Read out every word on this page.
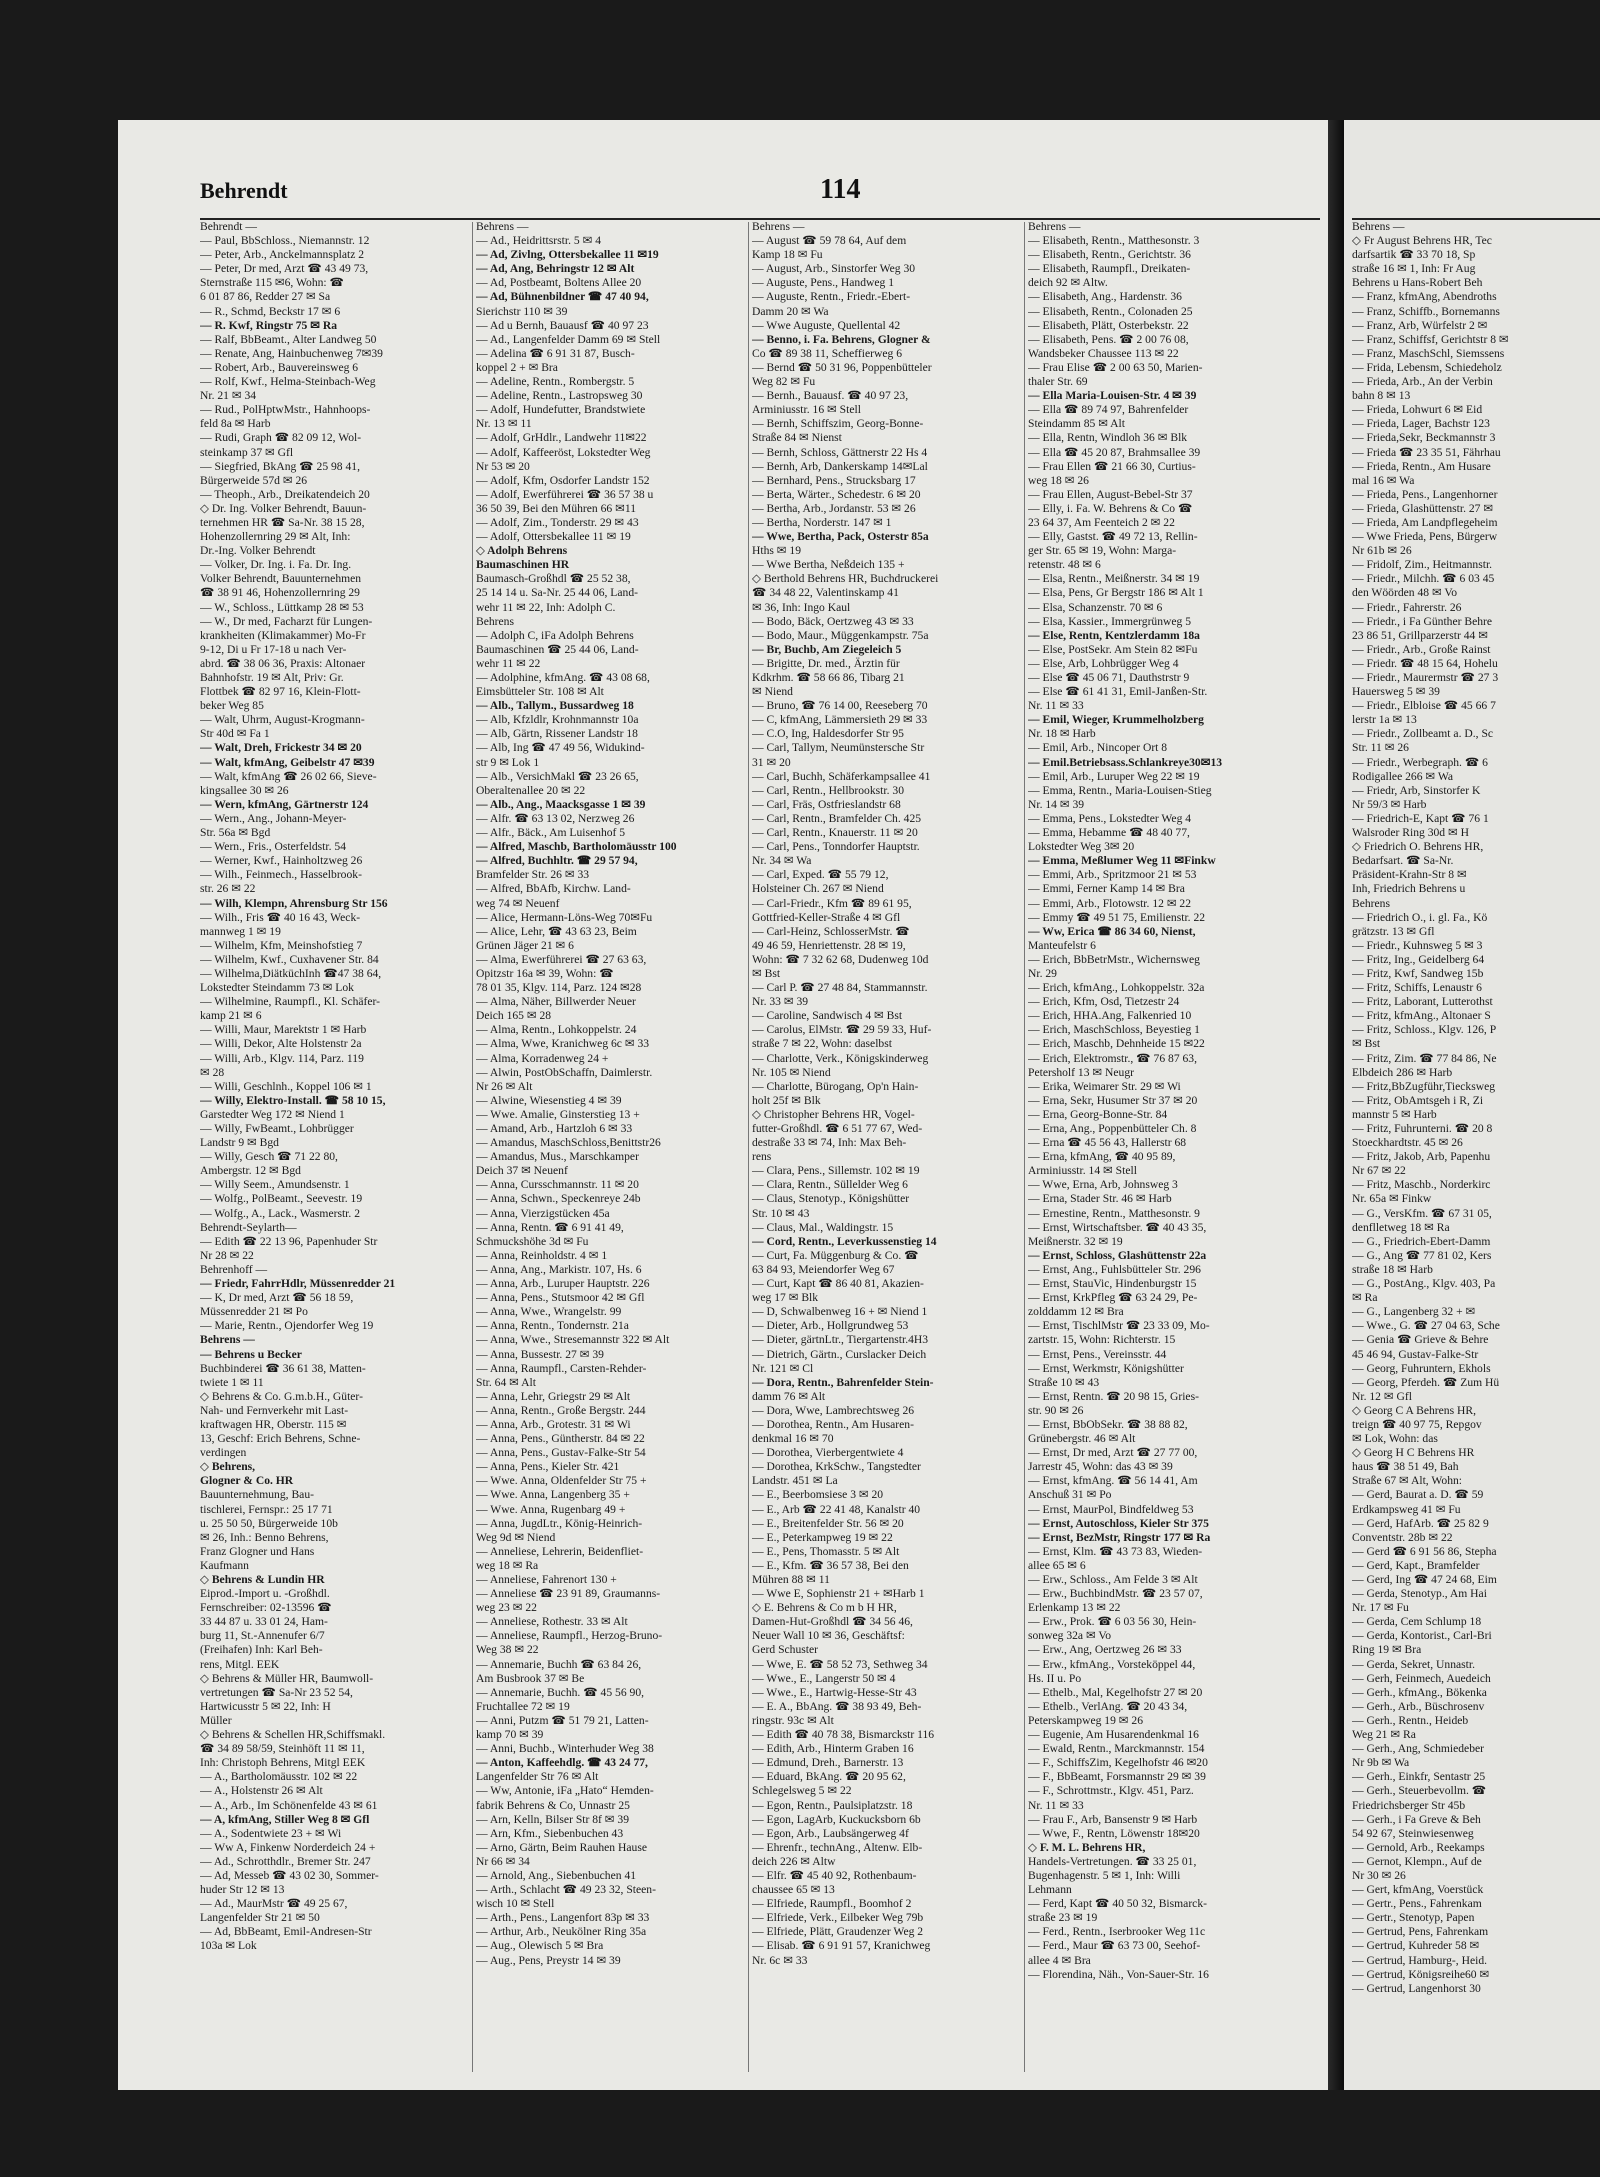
Behrendt	114
Behrendt —
— Paul, BbSchloss., Niemannstr. 12
— Peter, Arb., Anckelmannsplatz 2
— Peter, Dr med, Arzt ☎ 43 49 73,
Sternstraße 115 ✉6, Wohn: ☎
6 01 87 86, Redder 27 ✉ Sa
— R., Schmd, Beckstr 17 ✉ 6
— R. Kwf, Ringstr 75 ✉ Ra
— Ralf, BbBeamt., Alter Landweg 50
— Renate, Ang, Hainbuchenweg 7✉39
— Robert, Arb., Bauvereinsweg 6
— Rolf, Kwf., Helma-Steinbach-Weg
Nr. 21 ✉ 34
— Rud., PolHptwMstr., Hahnhoops-
feld 8a ✉ Harb
— Rudi, Graph ☎ 82 09 12, Wol-
steinkamp 37 ✉ Gfl
— Siegfried, BkAng ☎ 25 98 41,
Bürgerweide 57d ✉ 26
— Theoph., Arb., Dreikatendeich 20
◇ Dr. Ing. Volker Behrendt, Bauun-
ternehmen HR ☎ Sa-Nr. 38 15 28,
Hohenzollernring 29 ✉ Alt, Inh:
Dr.-Ing. Volker Behrendt
— Volker, Dr. Ing. i. Fa. Dr. Ing.
Volker Behrendt, Bauunternehmen
☎ 38 91 46, Hohenzollernring 29
— W., Schloss., Lüttkamp 28 ✉ 53
— W., Dr med, Facharzt für Lungen-
krankheiten (Klimakammer) Mo-Fr
9-12, Di u Fr 17-18 u nach Ver-
abrd. ☎ 38 06 36, Praxis: Altonaer
Bahnhofstr. 19 ✉ Alt, Priv: Gr.
Flottbek ☎ 82 97 16, Klein-Flott-
beker Weg 85
— Walt, Uhrm, August-Krogmann-
Str 40d ✉ Fa 1
— Walt, Dreh, Frickestr 34 ✉ 20
— Walt, kfmAng, Geibelstr 47 ✉39
— Walt, kfmAng ☎ 26 02 66, Sieve-
kingsallee 30 ✉ 26
— Wern, kfmAng, Gärtnerstr 124
— Wern., Ang., Johann-Meyer-
Str. 56a ✉ Bgd
— Wern., Fris., Osterfeldstr. 54
— Werner, Kwf., Hainholtzweg 26
— Wilh., Feinmech., Hasselbrook-
str. 26 ✉ 22
— Wilh, Klempn, Ahrensburg Str 156
— Wilh., Fris ☎ 40 16 43, Weck-
mannweg 1 ✉ 19
— Wilhelm, Kfm, Meinshofstieg 7
— Wilhelm, Kwf., Cuxhavener Str. 84
— Wilhelma,DiätküchInh ☎47 38 64,
Lokstedter Steindamm 73 ✉ Lok
— Wilhelmine, Raumpfl., Kl. Schäfer-
kamp 21 ✉ 6
— Willi, Maur, Marektstr 1 ✉ Harb
— Willi, Dekor, Alte Holstenstr 2a
— Willi, Arb., Klgv. 114, Parz. 119
✉ 28
— Willi, Geschlnh., Koppel 106 ✉ 1
— Willy, Elektro-Install. ☎ 58 10 15,
Garstedter Weg 172 ✉ Niend 1
— Willy, FwBeamt., Lohbrügger
Landstr 9 ✉ Bgd
— Willy, Gesch ☎ 71 22 80,
Ambergstr. 12 ✉ Bgd
— Willy Seem., Amundsenstr. 1
— Wolfg., PolBeamt., Seevestr. 19
— Wolfg., A., Lack., Wasmerstr. 2
Behrendt-Seylarth—
— Edith ☎ 22 13 96, Papenhuder Str
Nr 28 ✉ 22
Behrenhoff —
— Friedr, FahrrHdlr, Müssenredder 21
— K, Dr med, Arzt ☎ 56 18 59,
Müssenredder 21 ✉ Po
— Marie, Rentn., Ojendorfer Weg 19
Behrens —
— Behrens u Becker
Buchbinderei ☎ 36 61 38, Matten-
twiete 1 ✉ 11
◇ Behrens & Co. G.m.b.H., Güter-
Nah- und Fernverkehr mit Last-
kraftwagen HR, Oberstr. 115 ✉
13, Geschf: Erich Behrens, Schne-
verdingen
◇ Behrens,
Glogner & Co. HR
Bauunternehmung, Bau-
tischlerei, Fernspr.: 25 17 71
u. 25 50 50, Bürgerweide 10b
✉ 26, Inh.: Benno Behrens,
Franz Glogner und Hans
Kaufmann
◇ Behrens & Lundin HR
Eiprod.-Import u. -Großhdl.
Fernschreiber: 02-13596 ☎
33 44 87 u. 33 01 24, Ham-
burg 11, St.-Annenufer 6/7
(Freihafen) Inh: Karl Beh-
rens, Mitgl. EEK
◇ Behrens & Müller HR, Baumwoll-
vertretungen ☎ Sa-Nr 23 52 54,
Hartwicusstr 5 ✉ 22, Inh: H
Müller
◇ Behrens & Schellen HR,Schiffsmakl.
☎ 34 89 58/59, Steinhöft 11 ✉ 11,
Inh: Christoph Behrens, Mitgl EEK
— A., Bartholomäusstr. 102 ✉ 22
— A., Holstenstr 26 ✉ Alt
— A., Arb., Im Schönenfelde 43 ✉ 61
— A, kfmAng, Stiller Weg 8 ✉ Gfl
— A., Sodentwiete 23 + ✉ Wi
— Ww A, Finkenw Norderdeich 24 +
— Ad., Schrotthdlr., Bremer Str. 247
— Ad, Messeb ☎ 43 02 30, Sommer-
huder Str 12 ✉ 13
— Ad., MaurMstr ☎ 49 25 67,
Langenfelder Str 21 ✉ 50
— Ad, BbBeamt, Emil-Andresen-Str
103a ✉ Lok
Behrens —
— Ad., Heidrittsrstr. 5 ✉ 4
— Ad, Zivlng, Ottersbekallee 11 ✉19
— Ad, Ang, Behringstr 12 ✉ Alt
— Ad, Postbeamt, Boltens Allee 20
— Ad, Bühnenbildner ☎ 47 40 94,
Sierichstr 110 ✉ 39
— Ad u Bernh, Bauausf ☎ 40 97 23
— Ad., Langenfelder Damm 69 ✉ Stell
— Adelina ☎ 6 91 31 87, Busch-
koppel 2 + ✉ Bra
— Adeline, Rentn., Rombergstr. 5
— Adeline, Rentn., Lastropsweg 30
— Adolf, Hundefutter, Brandstwiete
Nr. 13 ✉ 11
— Adolf, GrHdlr., Landwehr 11✉22
— Adolf, Kaffeeröst, Lokstedter Weg
Nr 53 ✉ 20
— Adolf, Kfm, Osdorfer Landstr 152
— Adolf, Ewerführerei ☎ 36 57 38 u
36 50 39, Bei den Mühren 66 ✉11
— Adolf, Zim., Tonderstr. 29 ✉ 43
— Adolf, Ottersbekallee 11 ✉ 19
◇ Adolph Behrens
Baumaschinen HR
Baumasch-Großhdl ☎ 25 52 38,
25 14 14 u. Sa-Nr. 25 44 06, Land-
wehr 11 ✉ 22, Inh: Adolph C.
Behrens
— Adolph C, iFa Adolph Behrens
Baumaschinen ☎ 25 44 06, Land-
wehr 11 ✉ 22
— Adolphine, kfmAng. ☎ 43 08 68,
Eimsbütteler Str. 108 ✉ Alt
— Alb., Tallym., Bussardweg 18
— Alb, Kfzldlr, Krohnmannstr 10a
— Alb, Gärtn, Rissener Landstr 18
— Alb, Ing ☎ 47 49 56, Widukind-
str 9 ✉ Lok 1
— Alb., VersichMakl ☎ 23 26 65,
Oberaltenallee 20 ✉ 22
— Alb., Ang., Maacksgasse 1 ✉ 39
— Alfr. ☎ 63 13 02, Nerzweg 26
— Alfr., Bäck., Am Luisenhof 5
— Alfred, Maschb, Bartholomäusstr 100
— Alfred, Buchhltr. ☎ 29 57 94,
Bramfelder Str. 26 ✉ 33
— Alfred, BbAfb, Kirchw. Land-
weg 74 ✉ Neuenf
— Alice, Hermann-Löns-Weg 70✉Fu
— Alice, Lehr, ☎ 43 63 23, Beim
Grünen Jäger 21 ✉ 6
— Alma, Ewerführerei ☎ 27 63 63,
Opitzstr 16a ✉ 39, Wohn: ☎
78 01 35, Klgv. 114, Parz. 124 ✉28
— Alma, Näher, Billwerder Neuer
Deich 165 ✉ 28
— Alma, Rentn., Lohkoppelstr. 24
— Alma, Wwe, Kranichweg 6c ✉ 33
— Alma, Korradenweg 24 +
— Alwin, PostObSchaffn, Daimlerstr.
Nr 26 ✉ Alt
— Alwine, Wiesenstieg 4 ✉ 39
— Wwe. Amalie, Ginsterstieg 13 +
— Amand, Arb., Hartzloh 6 ✉ 33
— Amandus, MaschSchloss,Benittstr26
— Amandus, Mus., Marschkamper
Deich 37 ✉ Neuenf
— Anna, Cursschmannstr. 11 ✉ 20
— Anna, Schwn., Speckenreye 24b
— Anna, Vierzigstücken 45a
— Anna, Rentn. ☎ 6 91 41 49,
Schmuckshöhe 3d ✉ Fu
— Anna, Reinholdstr. 4 ✉ 1
— Anna, Ang., Markistr. 107, Hs. 6
— Anna, Arb., Luruper Hauptstr. 226
— Anna, Pens., Stutsmoor 42 ✉ Gfl
— Anna, Wwe., Wrangelstr. 99
— Anna, Rentn., Tondernstr. 21a
— Anna, Wwe., Stresemannstr 322 ✉ Alt
— Anna, Bussestr. 27 ✉ 39
— Anna, Raumpfl., Carsten-Rehder-
Str. 64 ✉ Alt
— Anna, Lehr, Griegstr 29 ✉ Alt
— Anna, Rentn., Große Bergstr. 244
— Anna, Arb., Grotestr. 31 ✉ Wi
— Anna, Pens., Güntherstr. 84 ✉ 22
— Anna, Pens., Gustav-Falke-Str 54
— Anna, Pens., Kieler Str. 421
— Wwe. Anna, Oldenfelder Str 75 +
— Wwe. Anna, Langenberg 35 +
— Wwe. Anna, Rugenbarg 49 +
— Anna, JugdLtr., König-Heinrich-
Weg 9d ✉ Niend
— Anneliese, Lehrerin, Beidenfliet-
weg 18 ✉ Ra
— Anneliese, Fahrenort 130 +
— Anneliese ☎ 23 91 89, Graumanns-
weg 23 ✉ 22
— Anneliese, Rothestr. 33 ✉ Alt
— Anneliese, Raumpfl., Herzog-Bruno-
Weg 38 ✉ 22
— Annemarie, Buchh ☎ 63 84 26,
Am Busbrook 37 ✉ Be
— Annemarie, Buchh. ☎ 45 56 90,
Fruchtallee 72 ✉ 19
— Anni, Putzm ☎ 51 79 21, Latten-
kamp 70 ✉ 39
— Anni, Buchb., Winterhuder Weg 38
— Anton, Kaffeehdlg. ☎ 43 24 77,
Langenfelder Str 76 ✉ Alt
— Ww, Antonie, iFa „Hato“ Hemden-
fabrik Behrens & Co, Unnastr 25
— Arn, Kelln, Bilser Str 8f ✉ 39
— Arn, Kfm., Siebenbuchen 43
— Arno, Gärtn, Beim Rauhen Hause
Nr 66 ✉ 34
— Arnold, Ang., Siebenbuchen 41
— Arth., Schlacht ☎ 49 23 32, Steen-
wisch 10 ✉ Stell
— Arth., Pens., Langenfort 83p ✉ 33
— Arthur, Arb., Neukölner Ring 35a
— Aug., Olewisch 5 ✉ Bra
— Aug., Pens, Preystr 14 ✉ 39
Behrens —
— August ☎ 59 78 64, Auf dem
Kamp 18 ✉ Fu
— August, Arb., Sinstorfer Weg 30
— Auguste, Pens., Handweg 1
— Auguste, Rentn., Friedr.-Ebert-
Damm 20 ✉ Wa
— Wwe Auguste, Quellental 42
— Benno, i. Fa. Behrens, Glogner &
Co ☎ 89 38 11, Scheffierweg 6
— Bernd ☎ 50 31 96, Poppenbütteler
Weg 82 ✉ Fu
— Bernh., Bauausf. ☎ 40 97 23,
Arminiusstr. 16 ✉ Stell
— Bernh, Schiffszim, Georg-Bonne-
Straße 84 ✉ Nienst
— Bernh, Schloss, Gättnerstr 22 Hs 4
— Bernh, Arb, Dankerskamp 14✉Lal
— Bernhard, Pens., Strucksbarg 17
— Berta, Wärter., Schedestr. 6 ✉ 20
— Bertha, Arb., Jordanstr. 53 ✉ 26
— Bertha, Norderstr. 147 ✉ 1
— Wwe, Bertha, Pack, Osterstr 85a
Hths ✉ 19
— Wwe Bertha, Neßdeich 135 +
◇ Berthold Behrens HR, Buchdruckerei
☎ 34 48 22, Valentinskamp 41
✉ 36, Inh: Ingo Kaul
— Bodo, Bäck, Oertzweg 43 ✉ 33
— Bodo, Maur., Müggenkampstr. 75a
— Br, Buchb, Am Ziegeleich 5
— Brigitte, Dr. med., Ärztin für
Kdkrhm. ☎ 58 66 86, Tibarg 21
✉ Niend
— Bruno, ☎ 76 14 00, Reeseberg 70
— C, kfmAng, Lämmersieth 29 ✉ 33
— C.O, Ing, Haldesdorfer Str 95
— Carl, Tallym, Neumünstersche Str
31 ✉ 20
— Carl, Buchh, Schäferkampsallee 41
— Carl, Rentn., Hellbrookstr. 30
— Carl, Fräs, Ostfrieslandstr 68
— Carl, Rentn., Bramfelder Ch. 425
— Carl, Rentn., Knauerstr. 11 ✉ 20
— Carl, Pens., Tonndorfer Hauptstr.
Nr. 34 ✉ Wa
— Carl, Exped. ☎ 55 79 12,
Holsteiner Ch. 267 ✉ Niend
— Carl-Friedr., Kfm ☎ 89 61 95,
Gottfried-Keller-Straße 4 ✉ Gfl
— Carl-Heinz, SchlosserMstr. ☎
49 46 59, Henriettenstr. 28 ✉ 19,
Wohn: ☎ 7 32 62 68, Dudenweg 10d
✉ Bst
— Carl P. ☎ 27 48 84, Stammannstr.
Nr. 33 ✉ 39
— Caroline, Sandwisch 4 ✉ Bst
— Carolus, ElMstr. ☎ 29 59 33, Huf-
straße 7 ✉ 22, Wohn: daselbst
— Charlotte, Verk., Königskinderweg
Nr. 105 ✉ Niend
— Charlotte, Bürogang, Op'n Hain-
holt 25f ✉ Blk
◇ Christopher Behrens HR, Vogel-
futter-Großhdl. ☎ 6 51 77 67, Wed-
destraße 33 ✉ 74, Inh: Max Beh-
rens
— Clara, Pens., Sillemstr. 102 ✉ 19
— Clara, Rentn., Süllelder Weg 6
— Claus, Stenotyp., Königshütter
Str. 10 ✉ 43
— Claus, Mal., Waldingstr. 15
— Cord, Rentn., Leverkussenstieg 14
— Curt, Fa. Müggenburg & Co. ☎
63 84 93, Meiendorfer Weg 67
— Curt, Kapt ☎ 86 40 81, Akazien-
weg 17 ✉ Blk
— D, Schwalbenweg 16 + ✉ Niend 1
— Dieter, Arb., Hollgrundweg 53
— Dieter, gärtnLtr., Tiergartenstr.4H3
— Dietrich, Gärtn., Curslacker Deich
Nr. 121 ✉ Cl
— Dora, Rentn., Bahrenfelder Stein-
damm 76 ✉ Alt
— Dora, Wwe, Lambrechtsweg 26
— Dorothea, Rentn., Am Husaren-
denkmal 16 ✉ 70
— Dorothea, Vierbergentwiete 4
— Dorothea, KrkSchw., Tangstedter
Landstr. 451 ✉ La
— E., Beerbomsiese 3 ✉ 20
— E., Arb ☎ 22 41 48, Kanalstr 40
— E., Breitenfelder Str. 56 ✉ 20
— E., Peterkampweg 19 ✉ 22
— E., Pens, Thomasstr. 5 ✉ Alt
— E., Kfm. ☎ 36 57 38, Bei den
Mühren 88 ✉ 11
— Wwe E, Sophienstr 21 + ✉Harb 1
◇ E. Behrens & Co m b H HR,
Damen-Hut-Großhdl ☎ 34 56 46,
Neuer Wall 10 ✉ 36, Geschäftsf:
Gerd Schuster
— Wwe, E. ☎ 58 52 73, Sethweg 34
— Wwe., E., Langerstr 50 ✉ 4
— Wwe., E., Hartwig-Hesse-Str 43
— E. A., BbAng. ☎ 38 93 49, Beh-
ringstr. 93c ✉ Alt
— Edith ☎ 40 78 38, Bismarckstr 116
— Edith, Arb., Hinterm Graben 16
— Edmund, Dreh., Barnerstr. 13
— Eduard, BkAng. ☎ 20 95 62,
Schlegelsweg 5 ✉ 22
— Egon, Rentn., Paulsiplatzstr. 18
— Egon, LagArb, Kuckucksborn 6b
— Egon, Arb., Laubsängerweg 4f
— Ehrenfr., technAng., Altenw. Elb-
deich 226 ✉ Altw
— Elfr. ☎ 45 40 92, Rothenbaum-
chaussee 65 ✉ 13
— Elfriede, Raumpfl., Boomhof 2
— Elfriede, Verk., Eilbeker Weg 79b
— Elfriede, Plätt, Graudenzer Weg 2
— Elisab. ☎ 6 91 91 57, Kranichweg
Nr. 6c ✉ 33
Behrens —
— Elisabeth, Rentn., Matthesonstr. 3
— Elisabeth, Rentn., Gerichtstr. 36
— Elisabeth, Raumpfl., Dreikaten-
deich 92 ✉ Altw.
— Elisabeth, Ang., Hardenstr. 36
— Elisabeth, Rentn., Colonaden 25
— Elisabeth, Plätt, Osterbekstr. 22
— Elisabeth, Pens. ☎ 2 00 76 08,
Wandsbeker Chaussee 113 ✉ 22
— Frau Elise ☎ 2 00 63 50, Marien-
thaler Str. 69
— Ella Maria-Louisen-Str. 4 ✉ 39
— Ella ☎ 89 74 97, Bahrenfelder
Steindamm 85 ✉ Alt
— Ella, Rentn, Windloh 36 ✉ Blk
— Ella ☎ 45 20 87, Brahmsallee 39
— Frau Ellen ☎ 21 66 30, Curtius-
weg 18 ✉ 26
— Frau Ellen, August-Bebel-Str 37
— Elly, i. Fa. W. Behrens & Co ☎
23 64 37, Am Feenteich 2 ✉ 22
— Elly, Gastst. ☎ 49 72 13, Rellin-
ger Str. 65 ✉ 19, Wohn: Marga-
retenstr. 48 ✉ 6
— Elsa, Rentn., Meißnerstr. 34 ✉ 19
— Elsa, Pens, Gr Bergstr 186 ✉ Alt 1
— Elsa, Schanzenstr. 70 ✉ 6
— Elsa, Kassier., Immergrünweg 5
— Else, Rentn, Kentzlerdamm 18a
— Else, PostSekr. Am Stein 82 ✉Fu
— Else, Arb, Lohbrügger Weg 4
— Else ☎ 45 06 71, Dauthstrstr 9
— Else ☎ 61 41 31, Emil-Janßen-Str.
Nr. 11 ✉ 33
— Emil, Wieger, Krummelholzberg
Nr. 18 ✉ Harb
— Emil, Arb., Nincoper Ort 8
— Emil.Betriebsass.Schlankreye30✉13
— Emil, Arb., Luruper Weg 22 ✉ 19
— Emma, Rentn., Maria-Louisen-Stieg
Nr. 14 ✉ 39
— Emma, Pens., Lokstedter Weg 4
— Emma, Hebamme ☎ 48 40 77,
Lokstedter Weg 3✉ 20
— Emma, Meßlumer Weg 11 ✉Finkw
— Emmi, Arb., Spritzmoor 21 ✉ 53
— Emmi, Ferner Kamp 14 ✉ Bra
— Emmi, Arb., Flotowstr. 12 ✉ 22
— Emmy ☎ 49 51 75, Emilienstr. 22
— Ww, Erica ☎ 86 34 60, Nienst,
Manteufelstr 6
— Erich, BbBetrMstr., Wichernsweg
Nr. 29
— Erich, kfmAng., Lohkoppelstr. 32a
— Erich, Kfm, Osd, Tietzestr 24
— Erich, HHA.Ang, Falkenried 10
— Erich, MaschSchloss, Beyestieg 1
— Erich, Maschb, Dehnheide 15 ✉22
— Erich, Elektromstr., ☎ 76 87 63,
Petersholf 13 ✉ Neugr
— Erika, Weimarer Str. 29 ✉ Wi
— Erna, Sekr, Husumer Str 37 ✉ 20
— Erna, Georg-Bonne-Str. 84
— Erna, Ang., Poppenbütteler Ch. 8
— Erna ☎ 45 56 43, Hallerstr 68
— Erna, kfmAng, ☎ 40 95 89,
Arminiusstr. 14 ✉ Stell
— Wwe, Erna, Arb, Johnsweg 3
— Erna, Stader Str. 46 ✉ Harb
— Ernestine, Rentn., Matthesonstr. 9
— Ernst, Wirtschaftsber. ☎ 40 43 35,
Meißnerstr. 32 ✉ 19
— Ernst, Schloss, Glashüttenstr 22a
— Ernst, Ang., Fuhlsbütteler Str. 296
— Ernst, StauVic, Hindenburgstr 15
— Ernst, KrkPfleg ☎ 63 24 29, Pe-
zolddamm 12 ✉ Bra
— Ernst, TischlMstr ☎ 23 33 09, Mo-
zartstr. 15, Wohn: Richterstr. 15
— Ernst, Pens., Vereinsstr. 44
— Ernst, Werkmstr, Königshütter
Straße 10 ✉ 43
— Ernst, Rentn. ☎ 20 98 15, Gries-
str. 90 ✉ 26
— Ernst, BbObSekr. ☎ 38 88 82,
Grünebergstr. 46 ✉ Alt
— Ernst, Dr med, Arzt ☎ 27 77 00,
Jarrestr 45, Wohn: das 43 ✉ 39
— Ernst, kfmAng. ☎ 56 14 41, Am
Anschuß 31 ✉ Po
— Ernst, MaurPol, Bindfeldweg 53
— Ernst, Autoschloss, Kieler Str 375
— Ernst, BezMstr, Ringstr 177 ✉ Ra
— Ernst, Klm. ☎ 43 73 83, Wieden-
allee 65 ✉ 6
— Erw., Schloss., Am Felde 3 ✉ Alt
— Erw., BuchbindMstr. ☎ 23 57 07,
Erlenkamp 13 ✉ 22
— Erw., Prok. ☎ 6 03 56 30, Hein-
sonweg 32a ✉ Vo
— Erw., Ang, Oertzweg 26 ✉ 33
— Erw., kfmAng., Vorsteköppel 44,
Hs. II u. Po
— Ethelb., Mal, Kegelhofstr 27 ✉ 20
— Ethelb., VerlAng. ☎ 20 43 34,
Peterskampweg 19 ✉ 26
— Eugenie, Am Husarendenkmal 16
— Ewald, Rentn., Marckmannstr. 154
— F., SchiffsZim, Kegelhofstr 46 ✉20
— F., BbBeamt, Forsmannstr 29 ✉ 39
— F., Schrottmstr., Klgv. 451, Parz.
Nr. 11 ✉ 33
— Frau F., Arb, Bansenstr 9 ✉ Harb
— Wwe, F., Rentn, Löwenstr 18✉20
◇ F. M. L. Behrens HR,
Handels-Vertretungen. ☎ 33 25 01,
Bugenhagenstr. 5 ✉ 1, Inh: Willi
Lehmann
— Ferd, Kapt ☎ 40 50 32, Bismarck-
straße 23 ✉ 19
— Ferd., Rentn., Iserbrooker Weg 11c
— Ferd., Maur ☎ 63 73 00, Seehof-
allee 4 ✉ Bra
— Florendina, Näh., Von-Sauer-Str. 16
Behrens —
◇ Fr August Behrens HR, Tec
darfsartik ☎ 33 70 18, Sp
straße 16 ✉ 1, Inh: Fr Aug
Behrens u Hans-Robert Beh
— Franz, kfmAng, Abendroths
— Franz, Schiffb., Bornemanns
— Franz, Arb, Würfelstr 2 ✉
— Franz, Schiffsf, Gerichtstr 8 ✉
— Franz, MaschSchl, Siemssens
— Frida, Lebensm, Schiedeholz
— Frieda, Arb., An der Verbin
bahn 8 ✉ 13
— Frieda, Lohwurt 6 ✉ Eid
— Frieda, Lager, Bachstr 123
— Frieda,Sekr, Beckmannstr 3
— Frieda ☎ 23 35 51, Fährhau
— Frieda, Rentn., Am Husare
mal 16 ✉ Wa
— Frieda, Pens., Langenhorner
— Frieda, Glashüttenstr. 27 ✉
— Frieda, Am Landpflegeheim
— Wwe Frieda, Pens, Bürgerw
Nr 61b ✉ 26
— Fridolf, Zim., Heitmannstr.
— Friedr., Milchh. ☎ 6 03 45
den Wöörden 48 ✉ Vo
— Friedr., Fahrerstr. 26
— Friedr., i Fa Günther Behre
23 86 51, Grillparzerstr 44 ✉
— Friedr., Arb., Große Rainst
— Friedr. ☎ 48 15 64, Hohelu
— Friedr., Maurermstr ☎ 27 3
Hauersweg 5 ✉ 39
— Friedr., Elbloise ☎ 45 66 7
lerstr 1a ✉ 13
— Friedr., Zollbeamt a. D., Sc
Str. 11 ✉ 26
— Friedr., Werbegraph. ☎ 6
Rodigallee 266 ✉ Wa
— Friedr, Arb, Sinstorfer K
Nr 59/3 ✉ Harb
— Friedrich-E, Kapt ☎ 76 1
Walsroder Ring 30d ✉ H
◇ Friedrich O. Behrens HR,
Bedarfsart. ☎ Sa-Nr.
Präsident-Krahn-Str 8 ✉
Inh, Friedrich Behrens u
Behrens
— Friedrich O., i. gl. Fa., Kö
grätzstr. 13 ✉ Gfl
— Friedr., Kuhnsweg 5 ✉ 3
— Fritz, Ing., Geidelberg 64
— Fritz, Kwf, Sandweg 15b
— Fritz, Schiffs, Lenaustr 6
— Fritz, Laborant, Lutterothst
— Fritz, kfmAng., Altonaer S
— Fritz, Schloss., Klgv. 126, P
✉ Bst
— Fritz, Zim. ☎ 77 84 86, Ne
Elbdeich 286 ✉ Harb
— Fritz,BbZugführ,Tiecksweg
— Fritz, ObAmtsgeh i R, Zi
mannstr 5 ✉ Harb
— Fritz, Fuhrunterni. ☎ 20 8
Stoeckhardtstr. 45 ✉ 26
— Fritz, Jakob, Arb, Papenhu
Nr 67 ✉ 22
— Fritz, Maschb., Norderkirc
Nr. 65a ✉ Finkw
— G., VersKfm. ☎ 67 31 05,
denflletweg 18 ✉ Ra
— G., Friedrich-Ebert-Damm
— G., Ang ☎ 77 81 02, Kers
straße 18 ✉ Harb
— G., PostAng., Klgv. 403, Pa
✉ Ra
— G., Langenberg 32 + ✉
— Wwe., G. ☎ 27 04 63, Sche
— Genia ☎ Grieve & Behre
45 46 94, Gustav-Falke-Str
— Georg, Fuhruntern, Ekhols
— Georg, Pferdeh. ☎ Zum Hü
Nr. 12 ✉ Gfl
◇ Georg C A Behrens HR,
treign ☎ 40 97 75, Repgov
✉ Lok, Wohn: das
◇ Georg H C Behrens HR
haus ☎ 38 51 49, Bah
Straße 67 ✉ Alt, Wohn:
— Gerd, Baurat a. D. ☎ 59
Erdkampsweg 41 ✉ Fu
— Gerd, HafArb. ☎ 25 82 9
Conventstr. 28b ✉ 22
— Gerd ☎ 6 91 56 86, Stepha
— Gerd, Kapt., Bramfelder
— Gerd, Ing ☎ 47 24 68, Eim
— Gerda, Stenotyp., Am Hai
Nr. 17 ✉ Fu
— Gerda, Cem Schlump 18
— Gerda, Kontorist., Carl-Bri
Ring 19 ✉ Bra
— Gerda, Sekret, Unnastr.
— Gerh, Feinmech, Auedeich
— Gerh., kfmAng., Bökenka
— Gerh., Arb., Büschrosenv
— Gerh., Rentn., Heideb
Weg 21 ✉ Ra
— Gerh., Ang, Schmiedeber
Nr 9b ✉ Wa
— Gerh., Einkfr, Sentastr 25
— Gerh., Steuerbevollm. ☎
Friedrichsberger Str 45b
— Gerh., i Fa Greve & Beh
54 92 67, Steinwiesenweg
— Gernold, Arb., Reekamps
— Gernot, Klempn., Auf de
Nr 30 ✉ 26
— Gert, kfmAng, Voerstück
— Gertr., Pens., Fahrenkam
— Gertr., Stenotyp, Papen
— Gertrud, Pens, Fahrenkam
— Gertrud, Kuhreder 58 ✉
— Gertrud, Hamburg-, Heid.
— Gertrud, Königsreihe60 ✉
— Gertrud, Langenhorst 30
